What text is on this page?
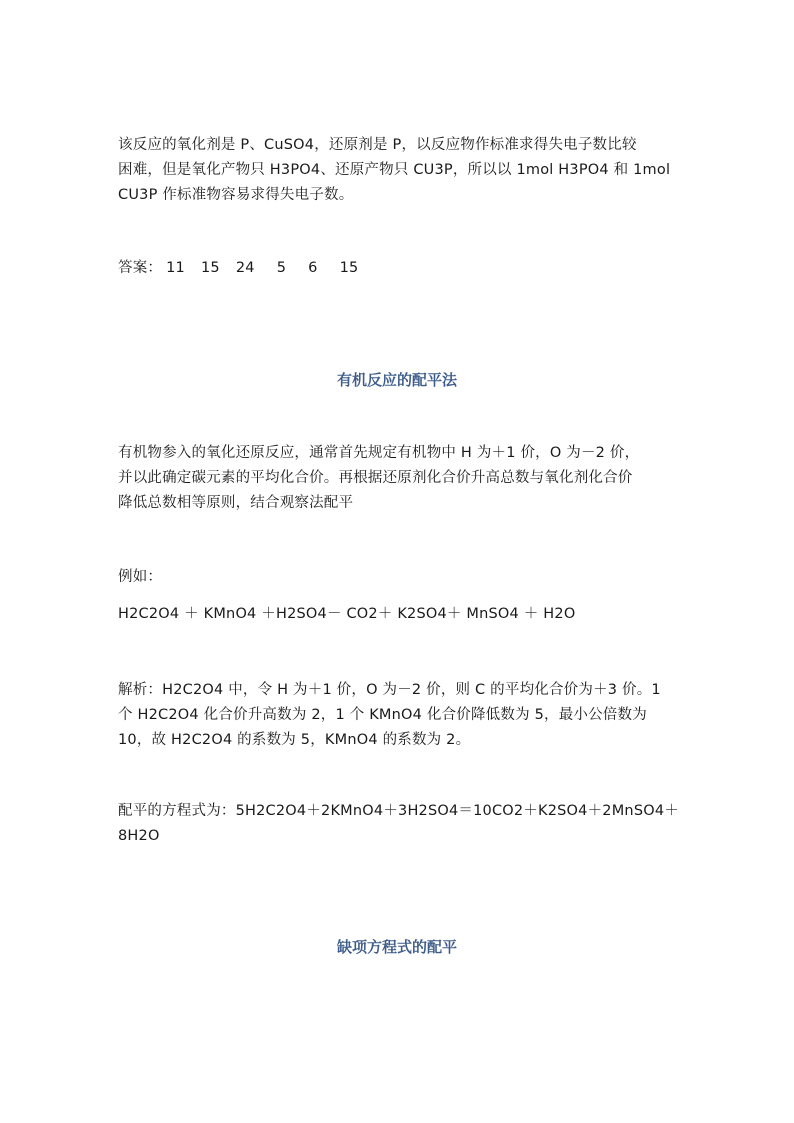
该反应的氧化剂是 P、CuSO4，还原剂是 P，以反应物作标准求得失电子数比较
困难，但是氧化产物只 H3PO4、还原产物只 CU3P，所以以 1mol H3PO4 和 1mol
CU3P 作标准物容易求得失电子数。
答案： 11 15 24 5 6 15
有机反应的配平法
有机物参入的氧化还原反应，通常首先规定有机物中 H 为＋1 价，O 为－2 价，
并以此确定碳元素的平均化合价。再根据还原剂化合价升高总数与氧化剂化合价
降低总数相等原则，结合观察法配平
例如：
H2C2O4 ＋ KMnO4 ＋H2SO4－ CO2＋ K2SO4＋ MnSO4 ＋ H2O
解析：H2C2O4 中，令 H 为＋1 价，O 为－2 价，则 C 的平均化合价为＋3 价。1
个 H2C2O4 化合价升高数为 2，1 个 KMnO4 化合价降低数为 5，最小公倍数为
10，故 H2C2O4 的系数为 5，KMnO4 的系数为 2。
配平的方程式为：5H2C2O4＋2KMnO4＋3H2SO4＝10CO2＋K2SO4＋2MnSO4＋
8H2O
缺项方程式的配平
